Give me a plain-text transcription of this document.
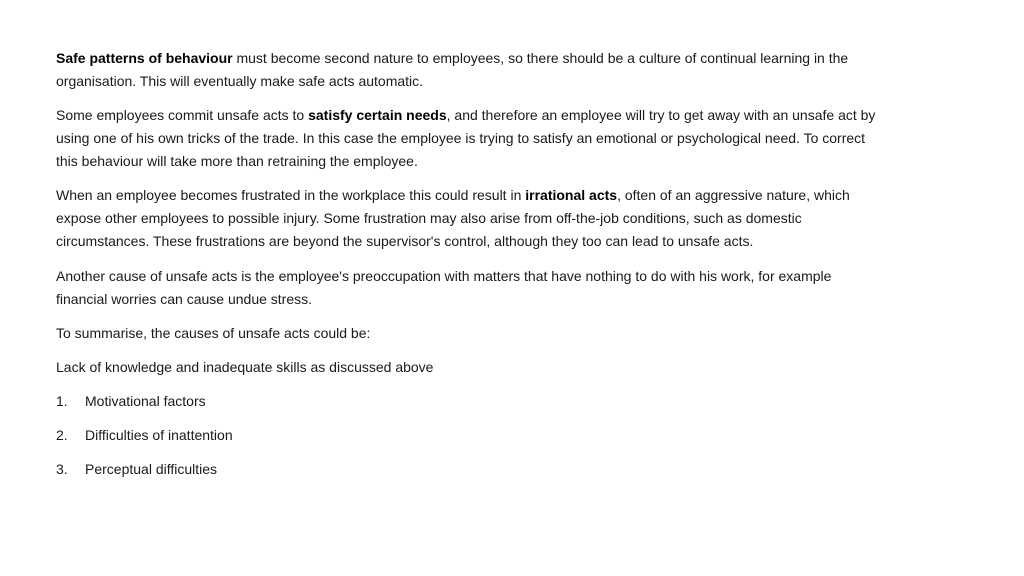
Safe patterns of behaviour must become second nature to employees, so there should be a culture of continual learning in the
organisation. This will eventually make safe acts automatic.
Some employees commit unsafe acts to satisfy certain needs, and therefore an employee will try to get away with an unsafe act by
using one of his own tricks of the trade. In this case the employee is trying to satisfy an emotional or psychological need. To correct
this behaviour will take more than retraining the employee.
When an employee becomes frustrated in the workplace this could result in irrational acts, often of an aggressive nature, which
expose other employees to possible injury. Some frustration may also arise from off-the-job conditions, such as domestic
circumstances. These frustrations are beyond the supervisor's control, although they too can lead to unsafe acts.
Another cause of unsafe acts is the employee's preoccupation with matters that have nothing to do with his work, for example
financial worries can cause undue stress.
To summarise, the causes of unsafe acts could be:
Lack of knowledge and inadequate skills as discussed above
1. Motivational factors
2. Difficulties of inattention
3. Perceptual difficulties
